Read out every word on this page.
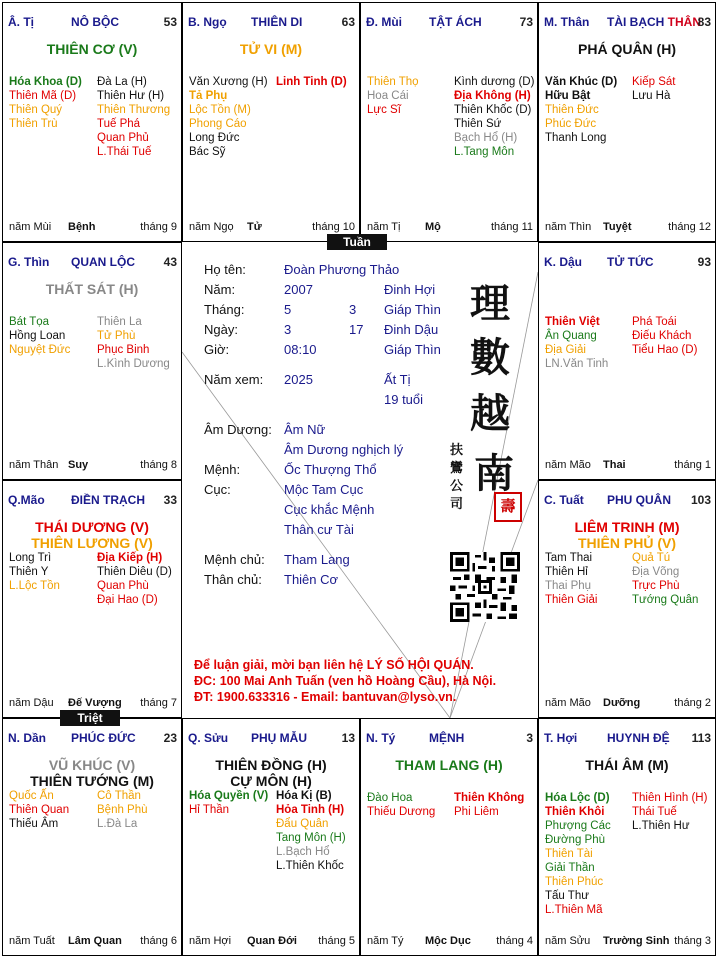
Â. Tị	NÔ BỘC	53
THIÊN CƠ (V)
Hóa Khoa (D)
Thiên Mã (D)
Thiên Quý
Thiên Trù
Đà La (H)
Thiên Hư (H)
Thiên Thương
Tuế Phá
Quan Phủ
L.Thái Tuế
năm Mùi Bệnh	tháng 9
B. Ngọ THIÊN DI	63
TỬ VI (M)
Văn Xương (H)
Tả Phụ
Lộc Tồn (M)
Phong Cáo
Long Đức
Bác Sỹ
Linh Tinh (D)
năm Ngọ Tử	tháng 10
Đ. Mùi TẬT ÁCH	73
Thiên Thọ
Hoa Cái
Lực Sĩ
Kình dương (D)
Địa Không (H)
Thiên Khốc (D)
Thiên Sứ
Bạch Hổ (H)
L.Tang Môn
năm Tị Mộ	tháng 11
M. Thân TÀI BẠCH THÂN
83
PHÁ QUÂN (H)
Văn Khúc (D)
Hữu Bật
Thiên Đức
Phúc Đức
Thanh Long
Kiếp Sát
Lưu Hà
năm Thìn Tuyệt	tháng 12
G. Thìn QUAN LỘC 43
THẤT SÁT (H)
Bát Tọa
Hồng Loan
Nguyệt Đức
Thiên La
Tử Phù
Phục Binh
L.Kình Dương
năm Thân Suy	tháng 8
K. Dậu TỬ TỨC	93
Thiên Việt
Ân Quang
Địa Giải
LN.Văn Tinh
Phá Toái
Điếu Khách
Tiểu Hao (D)
năm Mão Thai	tháng 1
Q.Mão ĐIỀN TRẠCH 33
THÁI DƯƠNG (V)
THIÊN LƯƠNG (V)
Long Trì
Thiên Y
L.Lộc Tồn
Địa Kiếp (H)
Thiên Diêu (D)
Quan Phù
Đại Hao (D)
năm Dậu Đế Vượng tháng 7
C. Tuất PHU QUÂN 103
LIÊM TRINH (M)
THIÊN PHỦ (V)
Tam Thai
Thiên Hỉ
Thai Phụ
Thiên Giải
Quả Tú
Địa Võng
Trực Phù
Tướng Quân
năm Mão Dưỡng	tháng 2
N. Dần PHÚC ĐỨC 23
VŨ KHÚC (V)
THIÊN TƯỚNG (M)
Quốc Ấn
Thiên Quan
Thiếu Âm
Cô Thần
Bệnh Phù
L.Đà La
năm Tuất Lâm Quan tháng 6
Q. Sửu PHỤ MẪU	13
THIÊN ĐỒNG (H)
CỰ MÔN (H)
Hóa Quyền (V)
Hỉ Thần
Hóa Kị (B)
Hỏa Tinh (H)
Đẩu Quân
Tang Môn (H)
L.Bạch Hổ
L.Thiên Khốc
năm Hợi Quan Đới tháng 5
N. Tý	MỆNH	3
THAM LANG (H)
Đào Hoa
Thiếu Dương
Thiên Không
Phi Liêm
năm Tý Mộc Dục tháng 4
T. Hợi HUYNH ĐỆ 113
THÁI ÂM (M)
Hóa Lộc (D)
Thiên Khôi
Phượng Các
Đường Phù
Thiên Tài
Giải Thần
Thiên Phúc
Tấu Thư
L.Thiên Mã
Thiên Hình (H)
Thái Tuế
L.Thiên Hư
năm Sửu Trường Sinh tháng 3
Họ tên:	Đoàn Phương Thảo
Năm:	2007	Đinh Hợi
Tháng:	5	3 Giáp Thìn
Ngày:	3	17 Đinh Dậu
Giờ:	08:10	Giáp Thìn
Năm xem: 2025	Ất Tị
19 tuổi
Âm Dương: Âm Nữ
Âm Dương nghịch lý
Mệnh:	Ốc Thượng Thổ
Cục:	Mộc Tam Cục
Cục khắc Mệnh
Thân cư Tài
Mệnh chủ: Tham Lang
Thân chủ: Thiên Cơ
理
數
越
南
扶
鸞
公
司	壽
Để luận giải, mời bạn liên hệ LÝ SỐ HỘI QUÁN.
ĐC: 100 Mai Anh Tuấn (ven hồ Hoàng Cầu), Hà Nội.
ĐT: 1900.633316 - Email: bantuvan@lyso.vn.
Tuần
Triệt
